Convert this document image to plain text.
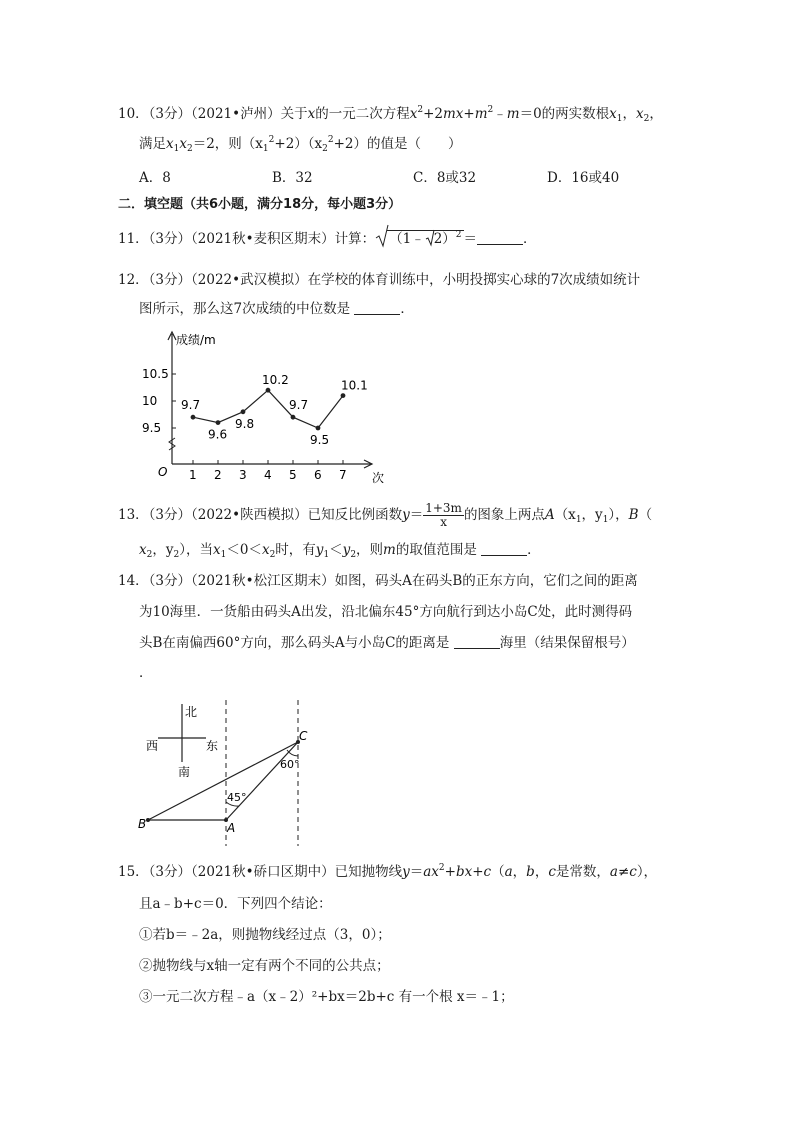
10．（3分）（2021•泸州）关于x的一元二次方程$x^2+2mx+m^2﹣m=0$的两实数根$x_1$，$x_2$，
满足$x_1x_2=2$，则$(x_1^2+2)(x_2^2+2)$的值是（　　）
A．8	B．32	C．8或32	D．16或40
二．填空题（共6小题，满分18分，每小题3分）
11．（3分）（2021秋•麦积区期末）计算： （1﹣ 2）$^2$ ＝	．
12．（3分）（2022•武汉模拟）在学校的体育训练中，小明投掷实心球的7次成绩如统计
图所示，那么这7次成绩的中位数是	．
成绩/m
次
O
9.5
10
10.5
1 2 3 4 5 6 7
9.7
9.6
9.8
10.2
9.7
9.5
10.1
13．（3分）（2022•陕西模拟）已知反比例函数$y= \frac{1+3m}{x}$ 的图象上两点$A(x_1$，$y_1$），B（
$x_2$，$y_2$），当$x_1<0<x_2$时，有$y_1<y_2$，则m的取值范围是	．
14．（3分）（2021秋•松江区期末）如图，码头A在码头B的正东方向，它们之间的距离
为10海里．一货船由码头A出发，沿北偏东45°方向航行到达小岛C处，此时测得码
头B在南偏西60°方向，那么码头A与小岛C的距离是	海里（结果保留根号）
．
北
西	东
南
45°
60°
B	A
C
15．（3分）（2021秋•硚口区期中）已知抛物线$y=ax^2+bx+c(a$，b，c是常数，a≠c），
且a﹣b+c＝0．下列四个结论：
①若b＝﹣2a，则抛物线经过点（3，0）；
②抛物线与x轴一定有两个不同的公共点；
③一元二次方程﹣a（x﹣2）²+bx＝2b+c 有一个根 x＝﹣1；
